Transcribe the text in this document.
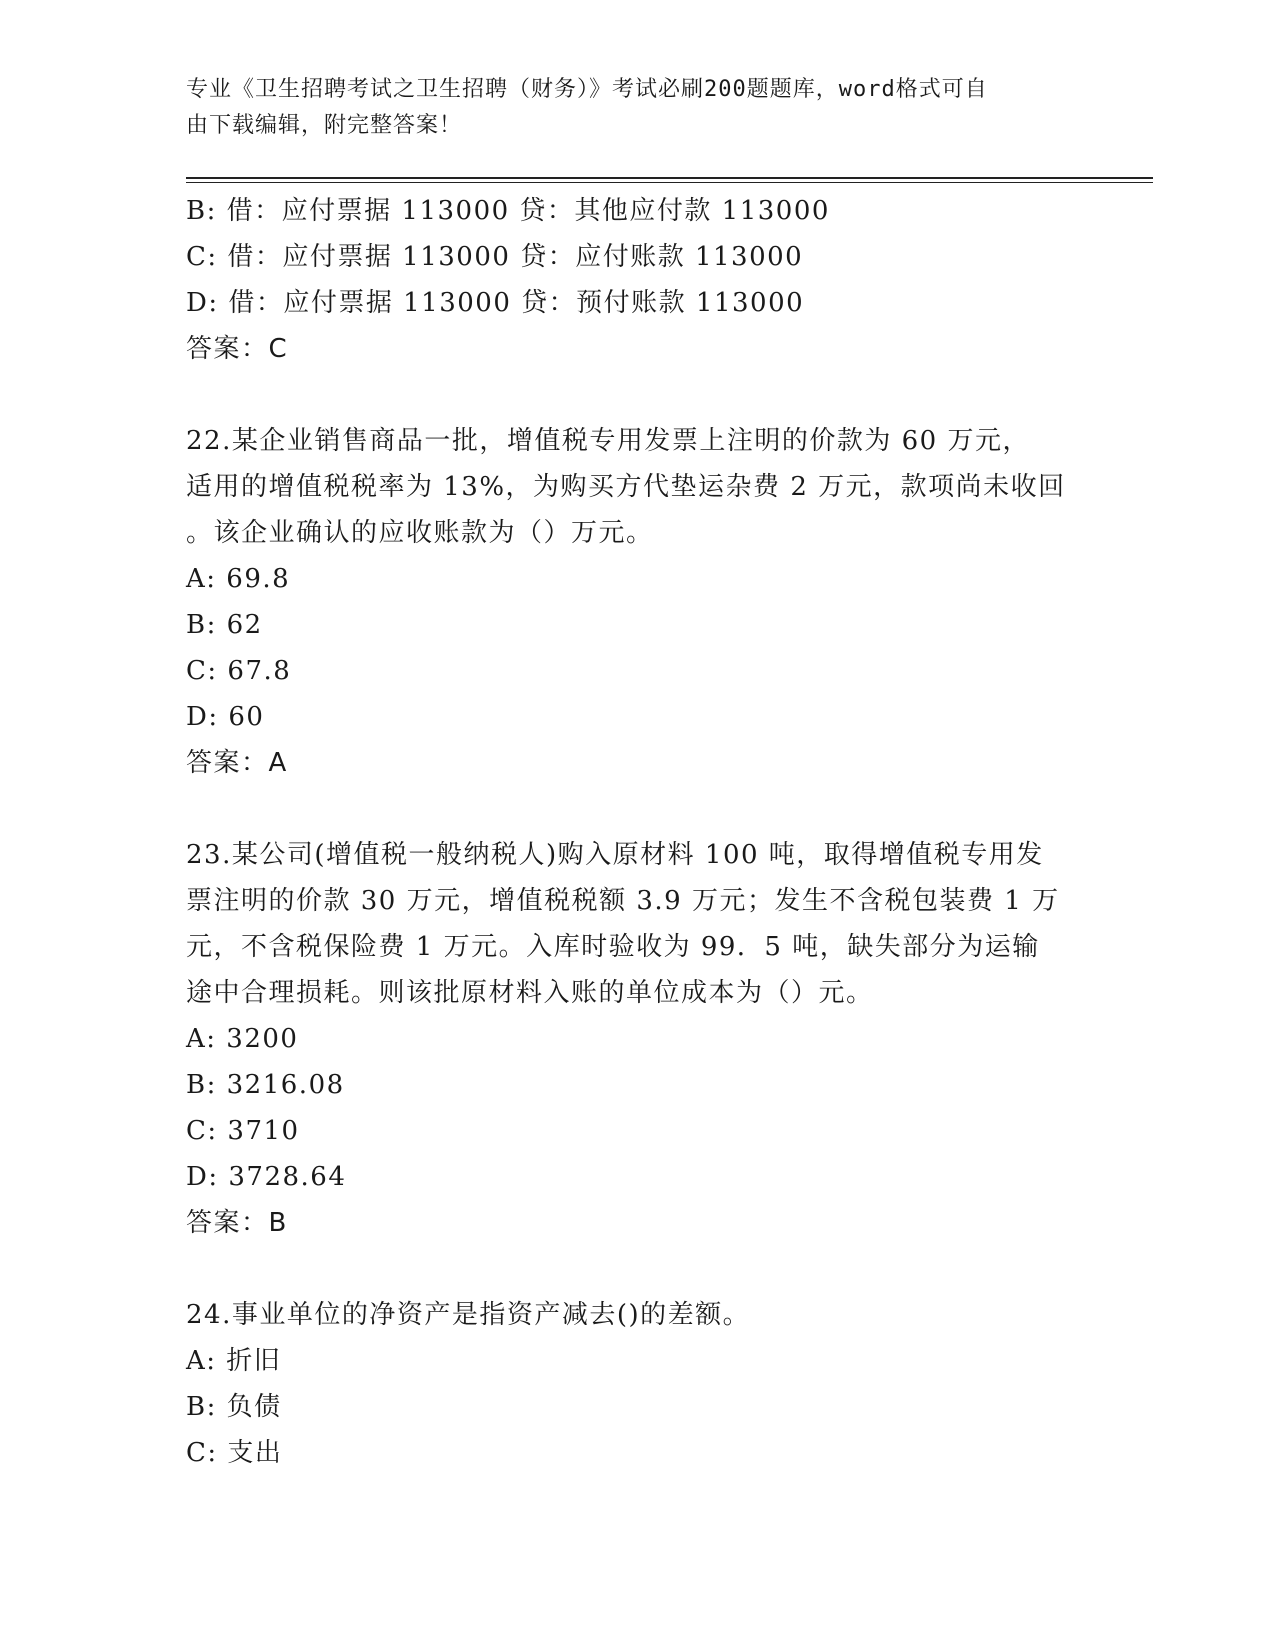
专业《卫生招聘考试之卫生招聘（财务）》考试必刷200题题库，word格式可自
由下载编辑，附完整答案！
B: 借：应付票据 113000 贷：其他应付款 113000
C: 借：应付票据 113000 贷：应付账款 113000
D: 借：应付票据 113000 贷：预付账款 113000
答案：C
22.某企业销售商品一批，增值税专用发票上注明的价款为 60 万元，
适用的增值税税率为 13%，为购买方代垫运杂费 2 万元，款项尚未收回
。该企业确认的应收账款为（）万元。
A: 69.8
B: 62
C: 67.8
D: 60
答案：A
23.某公司(增值税一般纳税人)购入原材料 100 吨，取得增值税专用发
票注明的价款 30 万元，增值税税额 3.9 万元；发生不含税包装费 1 万
元，不含税保险费 1 万元。入库时验收为 99．5 吨，缺失部分为运输
途中合理损耗。则该批原材料入账的单位成本为（）元。
A: 3200
B: 3216.08
C: 3710
D: 3728.64
答案：B
24.事业单位的净资产是指资产减去()的差额。
A: 折旧
B: 负债
C: 支出
